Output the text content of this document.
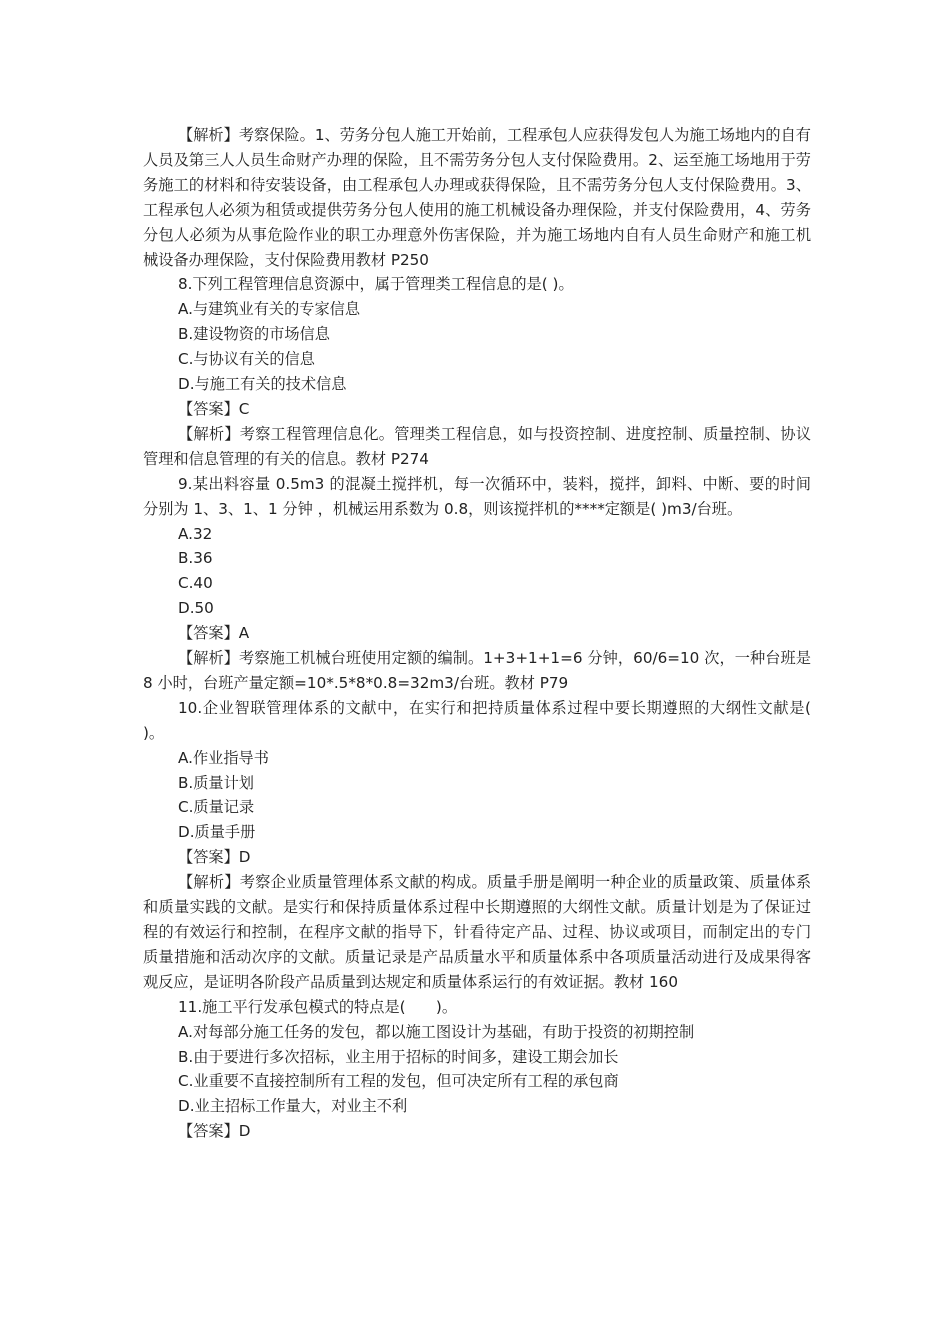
【解析】考察保险。1、劳务分包人施工开始前，工程承包人应获得发包人为施工场地内的自有人员及第三人人员生命财产办理的保险，且不需劳务分包人支付保险费用。2、运至施工场地用于劳务施工的材料和待安装设备，由工程承包人办理或获得保险，且不需劳务分包人支付保险费用。3、工程承包人必须为租赁或提供劳务分包人使用的施工机械设备办理保险，并支付保险费用，4、劳务分包人必须为从事危险作业的职工办理意外伤害保险，并为施工场地内自有人员生命财产和施工机械设备办理保险，支付保险费用教材 P250

8.下列工程管理信息资源中，属于管理类工程信息的是( )。

A.与建筑业有关的专家信息

B.建设物资的市场信息

C.与协议有关的信息

D.与施工有关的技术信息

【答案】C

【解析】考察工程管理信息化。管理类工程信息，如与投资控制、进度控制、质量控制、协议管理和信息管理的有关的信息。教材 P274

9.某出料容量 0.5m3 的混凝土搅拌机，每一次循环中，装料，搅拌，卸料、中断、要的时间分别为 1、3、1、1 分钟 ，机械运用系数为 0.8，则该搅拌机的****定额是( )m3/台班。

A.32

B.36

C.40

D.50

【答案】A

【解析】考察施工机械台班使用定额的编制。1+3+1+1=6 分钟，60/6=10 次，一种台班是 8 小时，台班产量定额=10*.5*8*0.8=32m3/台班。教材 P79

10.企业智联管理体系的文献中，在实行和把持质量体系过程中要长期遵照的大纲性文献是( )。

A.作业指导书

B.质量计划

C.质量记录

D.质量手册

【答案】D

【解析】考察企业质量管理体系文献的构成。质量手册是阐明一种企业的质量政策、质量体系和质量实践的文献。是实行和保持质量体系过程中长期遵照的大纲性文献。质量计划是为了保证过程的有效运行和控制，在程序文献的指导下，针看待定产品、过程、协议或项目，而制定出的专门质量措施和活动次序的文献。质量记录是产品质量水平和质量体系中各项质量活动进行及成果得客观反应，是证明各阶段产品质量到达规定和质量体系运行的有效证据。教材 160

11.施工平行发承包模式的特点是(　　)。

A.对每部分施工任务的发包，都以施工图设计为基础，有助于投资的初期控制

B.由于要进行多次招标，业主用于招标的时间多，建设工期会加长

C.业重要不直接控制所有工程的发包，但可决定所有工程的承包商

D.业主招标工作量大，对业主不利

【答案】D
